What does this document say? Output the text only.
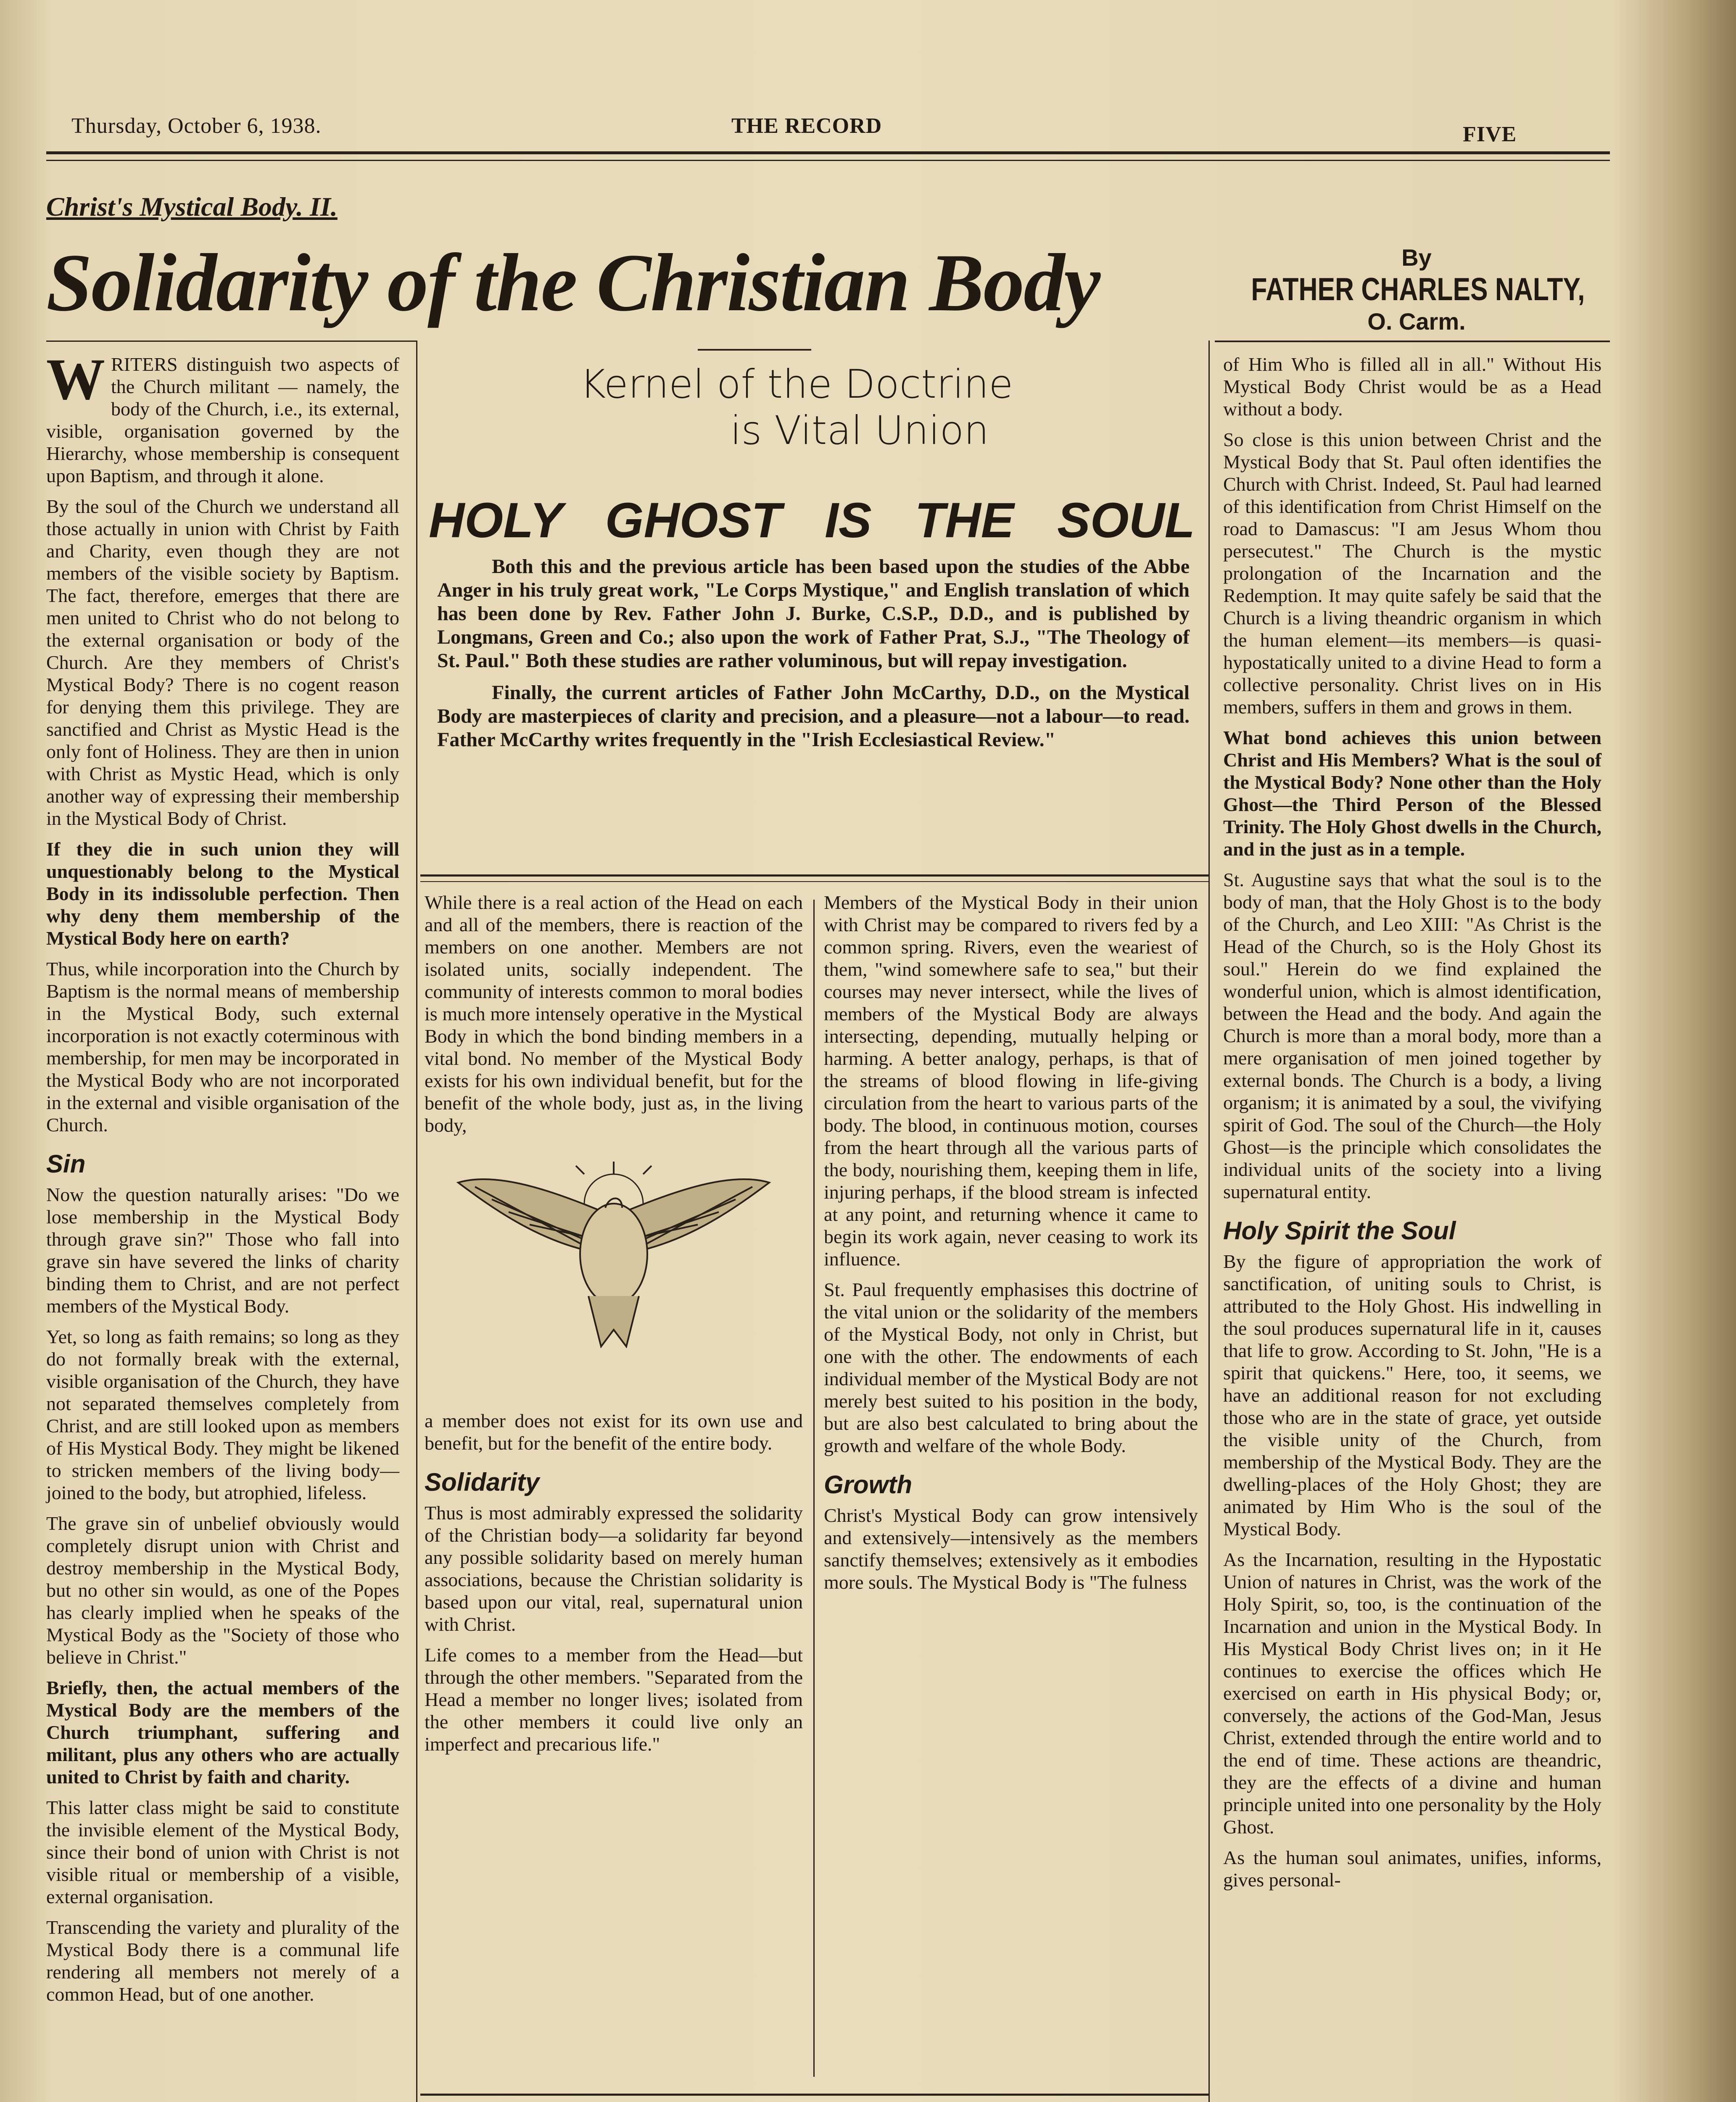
Thursday, October 6, 1938.	THE RECORD	FIVE
Christ's Mystical Body. II.
Solidarity of the Christian Body	By
FATHER CHARLES NALTY,
O. Carm.
Kernel of the Doctrine
is Vital Union
HOLY GHOST IS THE SOUL

Both this and the previous article has been based upon the studies of the Abbe Anger in his truly great work, "Le Corps Mystique," and English translation of which has been done by Rev. Father John J. Burke, C.S.P., D.D., and is published by Longmans, Green and Co.; also upon the work of Father Prat, S.J., "The Theology of St. Paul." Both these studies are rather voluminous, but will repay investigation.

Finally, the current articles of Father John McCarthy, D.D., on the Mystical Body are masterpieces of clarity and precision, and a pleasure—not a labour—to read. Father McCarthy writes frequently in the "Irish Ecclesiastical Review."

WRITERS distinguish two aspects of the Church militant — namely, the body of the Church, i.e., its external, visible, organisation governed by the Hierarchy, whose membership is consequent upon Baptism, and through it alone.

By the soul of the Church we understand all those actually in union with Christ by Faith and Charity, even though they are not members of the visible society by Baptism. The fact, therefore, emerges that there are men united to Christ who do not belong to the external organisation or body of the Church. Are they members of Christ's Mystical Body? There is no cogent reason for denying them this privilege. They are sanctified and Christ as Mystic Head is the only font of Holiness. They are then in union with Christ as Mystic Head, which is only another way of expressing their membership in the Mystical Body of Christ.

If they die in such union they will unquestionably belong to the Mystical Body in its indissoluble perfection. Then why deny them membership of the Mystical Body here on earth?

Thus, while incorporation into the Church by Baptism is the normal means of membership in the Mystical Body, such external incorporation is not exactly coterminous with membership, for men may be incorporated in the Mystical Body who are not incorporated in the external and visible organisation of the Church.

Sin

Now the question naturally arises: "Do we lose membership in the Mystical Body through grave sin?" Those who fall into grave sin have severed the links of charity binding them to Christ, and are not perfect members of the Mystical Body.

Yet, so long as faith remains; so long as they do not formally break with the external, visible organisation of the Church, they have not separated themselves completely from Christ, and are still looked upon as members of His Mystical Body. They might be likened to stricken members of the living body—joined to the body, but atrophied, lifeless.

The grave sin of unbelief obviously would completely disrupt union with Christ and destroy membership in the Mystical Body, but no other sin would, as one of the Popes has clearly implied when he speaks of the Mystical Body as the "Society of those who believe in Christ."

Briefly, then, the actual members of the Mystical Body are the members of the Church triumphant, suffering and militant, plus any others who are actually united to Christ by faith and charity.

This latter class might be said to constitute the invisible element of the Mystical Body, since their bond of union with Christ is not visible ritual or membership of a visible, external organisation.

Transcending the variety and plurality of the Mystical Body there is a communal life rendering all members not merely of a common Head, but of one another.

While there is a real action of the Head on each and all of the members, there is reaction of the members on one another. Members are not isolated units, socially independent. The community of interests common to moral bodies is much more intensely operative in the Mystical Body in which the bond binding members in a vital bond. No member of the Mystical Body exists for his own individual benefit, but for the benefit of the whole body, just as, in the living body,

a member does not exist for its own use and benefit, but for the benefit of the entire body.

Solidarity

Thus is most admirably expressed the solidarity of the Christian body—a solidarity far beyond any possible solidarity based on merely human associations, because the Christian solidarity is based upon our vital, real, supernatural union with Christ.

Life comes to a member from the Head—but through the other members. "Separated from the Head a member no longer lives; isolated from the other members it could live only an imperfect and precarious life."

Members of the Mystical Body in their union with Christ may be compared to rivers fed by a common spring. Rivers, even the weariest of them, "wind somewhere safe to sea," but their courses may never intersect, while the lives of members of the Mystical Body are always intersecting, depending, mutually helping or harming. A better analogy, perhaps, is that of the streams of blood flowing in life-giving circulation from the heart to various parts of the body. The blood, in continuous motion, courses from the heart through all the various parts of the body, nourishing them, keeping them in life, injuring perhaps, if the blood stream is infected at any point, and returning whence it came to begin its work again, never ceasing to work its influence.

St. Paul frequently emphasises this doctrine of the vital union or the solidarity of the members of the Mystical Body, not only in Christ, but one with the other. The endowments of each individual member of the Mystical Body are not merely best suited to his position in the body, but are also best calculated to bring about the growth and welfare of the whole Body.

Growth

Christ's Mystical Body can grow intensively and extensively—intensively as the members sanctify themselves; extensively as it embodies more souls. The Mystical Body is "The fulness

of Him Who is filled all in all." Without His Mystical Body Christ would be as a Head without a body.

So close is this union between Christ and the Mystical Body that St. Paul often identifies the Church with Christ. Indeed, St. Paul had learned of this identification from Christ Himself on the road to Damascus: "I am Jesus Whom thou persecutest." The Church is the mystic prolongation of the Incarnation and the Redemption. It may quite safely be said that the Church is a living theandric organism in which the human element—its members—is quasi-hypostatically united to a divine Head to form a collective personality. Christ lives on in His members, suffers in them and grows in them.

What bond achieves this union between Christ and His Members? What is the soul of the Mystical Body? None other than the Holy Ghost—the Third Person of the Blessed Trinity. The Holy Ghost dwells in the Church, and in the just as in a temple.

St. Augustine says that what the soul is to the body of man, that the Holy Ghost is to the body of the Church, and Leo XIII: "As Christ is the Head of the Church, so is the Holy Ghost its soul." Herein do we find explained the wonderful union, which is almost identification, between the Head and the body. And again the Church is more than a moral body, more than a mere organisation of men joined together by external bonds. The Church is a body, a living organism; it is animated by a soul, the vivifying spirit of God. The soul of the Church—the Holy Ghost—is the principle which consolidates the individual units of the society into a living supernatural entity.

Holy Spirit the Soul

By the figure of appropriation the work of sanctification, of uniting souls to Christ, is attributed to the Holy Ghost. His indwelling in the soul produces supernatural life in it, causes that life to grow. According to St. John, "He is a spirit that quickens." Here, too, it seems, we have an additional reason for not excluding those who are in the state of grace, yet outside the visible unity of the Church, from membership of the Mystical Body. They are the dwelling-places of the Holy Ghost; they are animated by Him Who is the soul of the Mystical Body.

As the Incarnation, resulting in the Hypostatic Union of natures in Christ, was the work of the Holy Spirit, so, too, is the continuation of the Incarnation and union in the Mystical Body. In His Mystical Body Christ lives on; in it He continues to exercise the offices which He exercised on earth in His physical Body; or, conversely, the actions of the God-Man, Jesus Christ, extended through the entire world and to the end of time. These actions are theandric, they are the effects of a divine and human principle united into one personality by the Holy Ghost.

As the human soul animates, unifies, informs, gives personal-
